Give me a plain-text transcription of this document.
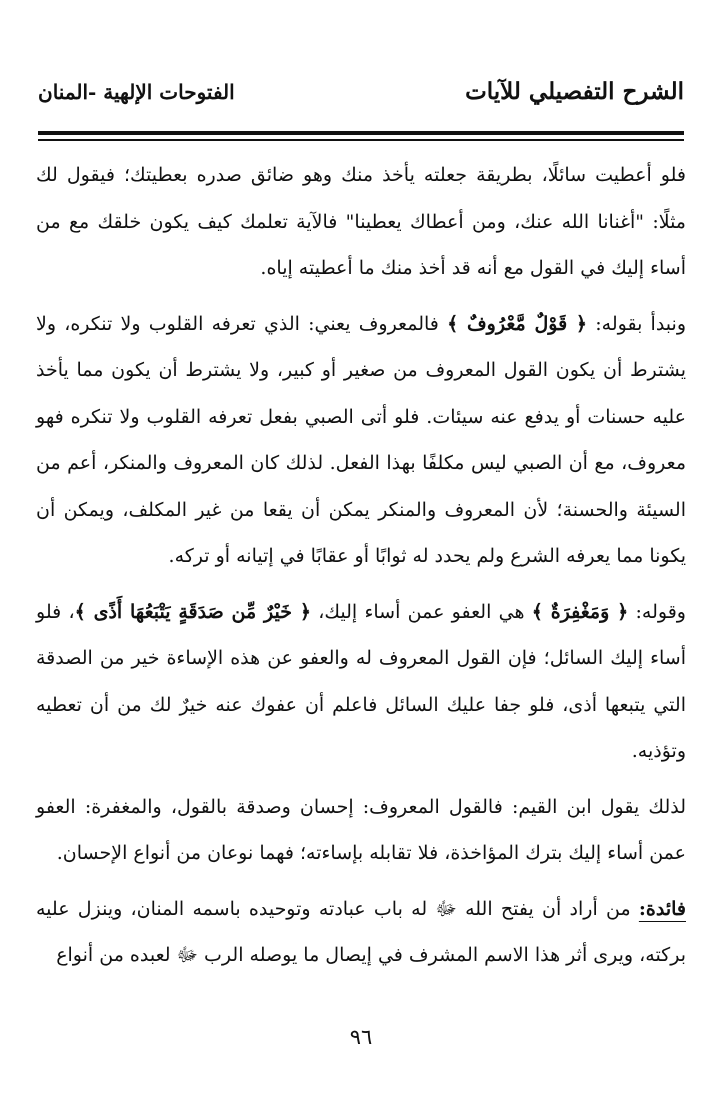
الشرح التفصيلي للآيات
الفتوحات الإلهية -المنان

فلو أعطيت سائلًا، بطريقة جعلته يأخذ منك وهو ضائق صدره بعطيتك؛ فيقول لك مثلًا: "أغنانا الله عنك، ومن أعطاك يعطينا" فالآية تعلمك كيف يكون خلقك مع من أساء إليك في القول مع أنه قد أخذ منك ما أعطيته إياه.

ونبدأ بقوله: ﴿ قَوْلٌ مَّعْرُوفٌ ﴾ فالمعروف يعني: الذي تعرفه القلوب ولا تنكره، ولا يشترط أن يكون القول المعروف من صغير أو كبير، ولا يشترط أن يكون مما يأخذ عليه حسنات أو يدفع عنه سيئات. فلو أتى الصبي بفعل تعرفه القلوب ولا تنكره فهو معروف، مع أن الصبي ليس مكلفًا بهذا الفعل. لذلك كان المعروف والمنكر، أعم من السيئة والحسنة؛ لأن المعروف والمنكر يمكن أن يقعا من غير المكلف، ويمكن أن يكونا مما يعرفه الشرع ولم يحدد له ثوابًا أو عقابًا في إتيانه أو تركه.

وقوله: ﴿ وَمَغْفِرَةٌ ﴾ هي العفو عمن أساء إليك، ﴿ خَيْرٌ مِّن صَدَقَةٍ يَتْبَعُهَا أَذًى ﴾، فلو أساء إليك السائل؛ فإن القول المعروف له والعفو عن هذه الإساءة خير من الصدقة التي يتبعها أذى، فلو جفا عليك السائل فاعلم أن عفوك عنه خيرٌ لك من أن تعطيه وتؤذيه.

لذلك يقول ابن القيم: فالقول المعروف: إحسان وصدقة بالقول، والمغفرة: العفو عمن أساء إليك بترك المؤاخذة، فلا تقابله بإساءته؛ فهما نوعان من أنواع الإحسان.

فائدة: من أراد أن يفتح الله ﷻ له باب عبادته وتوحيده باسمه المنان، وينزل عليه بركته، ويرى أثر هذا الاسم المشرف في إيصال ما يوصله الرب ﷻ لعبده من أنواع

٩٦
